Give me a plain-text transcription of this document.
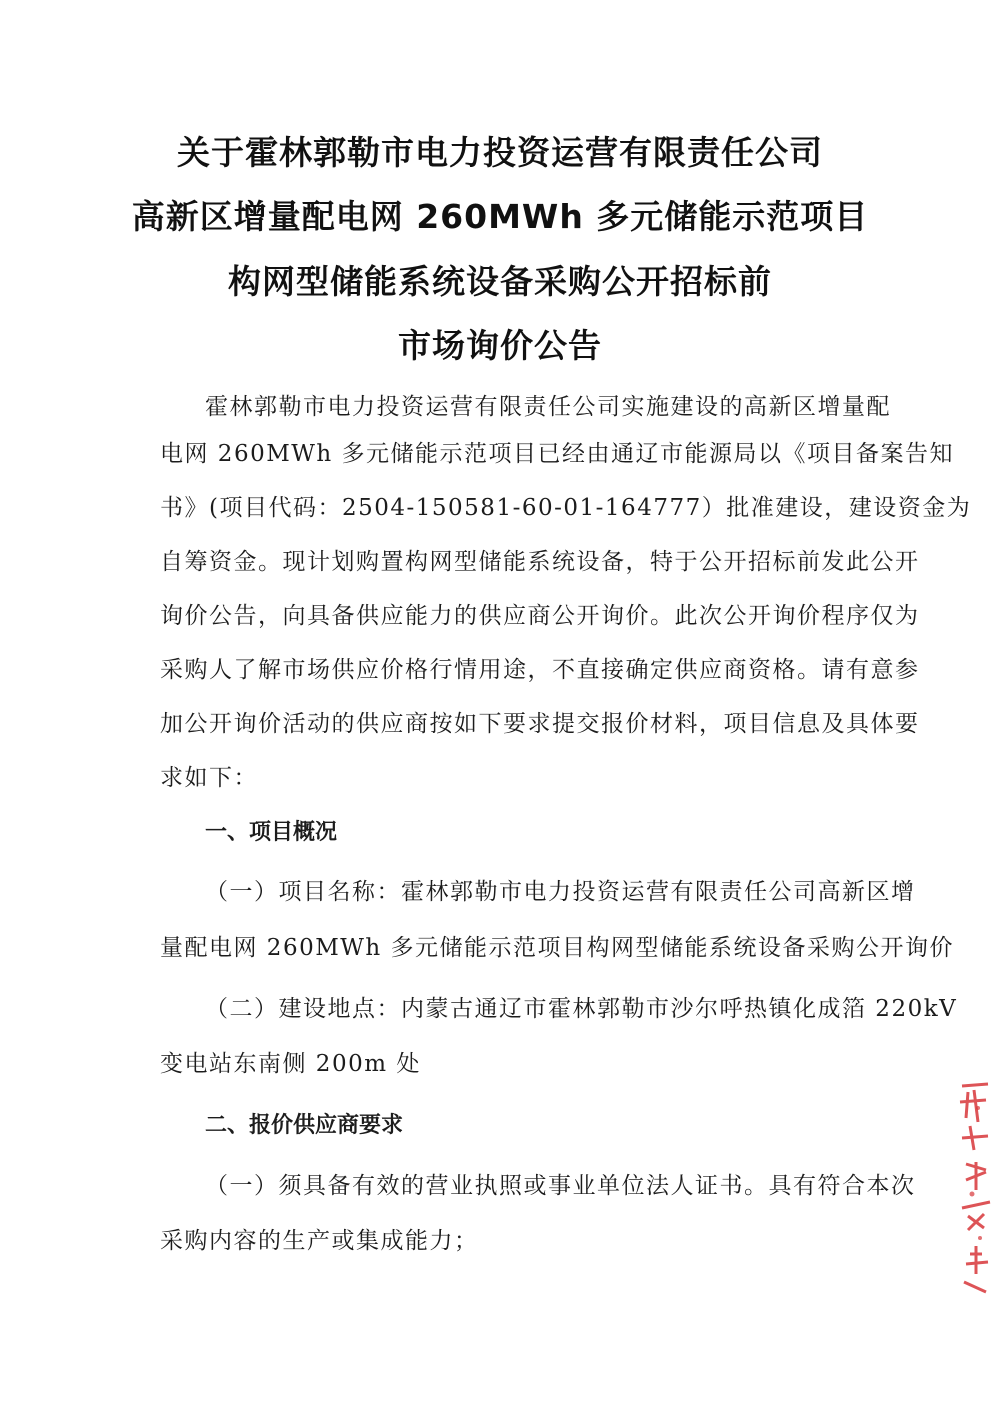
关于霍林郭勒市电力投资运营有限责任公司
高新区增量配电网 260MWh 多元储能示范项目
构网型储能系统设备采购公开招标前
市场询价公告
霍林郭勒市电力投资运营有限责任公司实施建设的高新区增量配
电网 260MWh 多元储能示范项目已经由通辽市能源局以《项目备案告知
书》(项目代码：2504-150581-60-01-164777）批准建设，建设资金为
自筹资金。现计划购置构网型储能系统设备，特于公开招标前发此公开
询价公告，向具备供应能力的供应商公开询价。此次公开询价程序仅为
采购人了解市场供应价格行情用途，不直接确定供应商资格。请有意参
加公开询价活动的供应商按如下要求提交报价材料，项目信息及具体要
求如下：
一、项目概况
（一）项目名称：霍林郭勒市电力投资运营有限责任公司高新区增
量配电网 260MWh 多元储能示范项目构网型储能系统设备采购公开询价
（二）建设地点：内蒙古通辽市霍林郭勒市沙尔呼热镇化成箔 220kV
变电站东南侧 200m 处
二、报价供应商要求
（一）须具备有效的营业执照或事业单位法人证书。具有符合本次
采购内容的生产或集成能力；
